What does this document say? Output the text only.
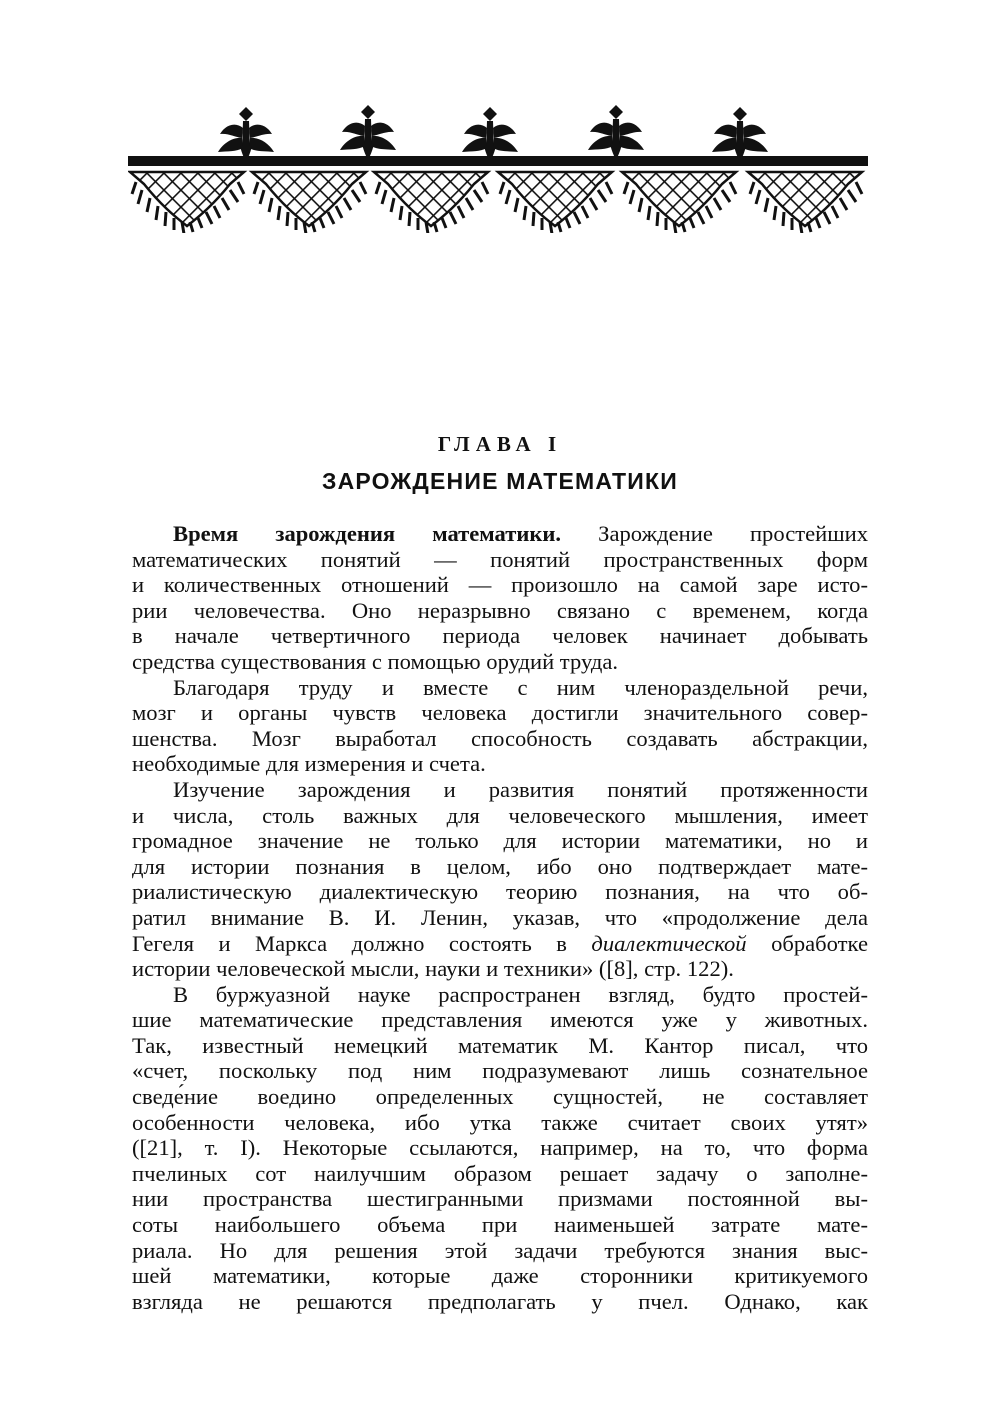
ГЛАВА I
ЗАРОЖДЕНИЕ МАТЕМАТИКИ
Время зарождения математики. Зарождение простейших
математических понятий — понятий пространственных форм
и количественных отношений — произошло на самой заре исто-
рии человечества. Оно неразрывно связано с временем, когда
в начале четвертичного периода человек начинает добывать
средства существования с помощью орудий труда.
Благодаря труду и вместе с ним членораздельной речи,
мозг и органы чувств человека достигли значительного совер-
шенства. Мозг выработал способность создавать абстракции,
необходимые для измерения и счета.
Изучение зарождения и развития понятий протяженности
и числа, столь важных для человеческого мышления, имеет
громадное значение не только для истории математики, но и
для истории познания в целом, ибо оно подтверждает мате-
риалистическую диалектическую теорию познания, на что об-
ратил внимание В. И. Ленин, указав, что «продолжение дела
Гегеля и Маркса должно состоять в диалектической обработке
истории человеческой мысли, науки и техники» ([8], стр. 122).
В буржуазной науке распространен взгляд, будто простей-
шие математические представления имеются уже у животных.
Так, известный немецкий математик М. Кантор писал, что
«счет, поскольку под ним подразумевают лишь сознательное
сведе́ние воедино определенных сущностей, не составляет
особенности человека, ибо утка также считает своих утят»
([21], т. I). Некоторые ссылаются, например, на то, что форма
пчелиных сот наилучшим образом решает задачу о заполне-
нии пространства шестигранными призмами постоянной вы-
соты наибольшего объема при наименьшей затрате мате-
риала. Но для решения этой задачи требуются знания выс-
шей математики, которые даже сторонники критикуемого
взгляда не решаются предполагать у пчел. Однако, как
